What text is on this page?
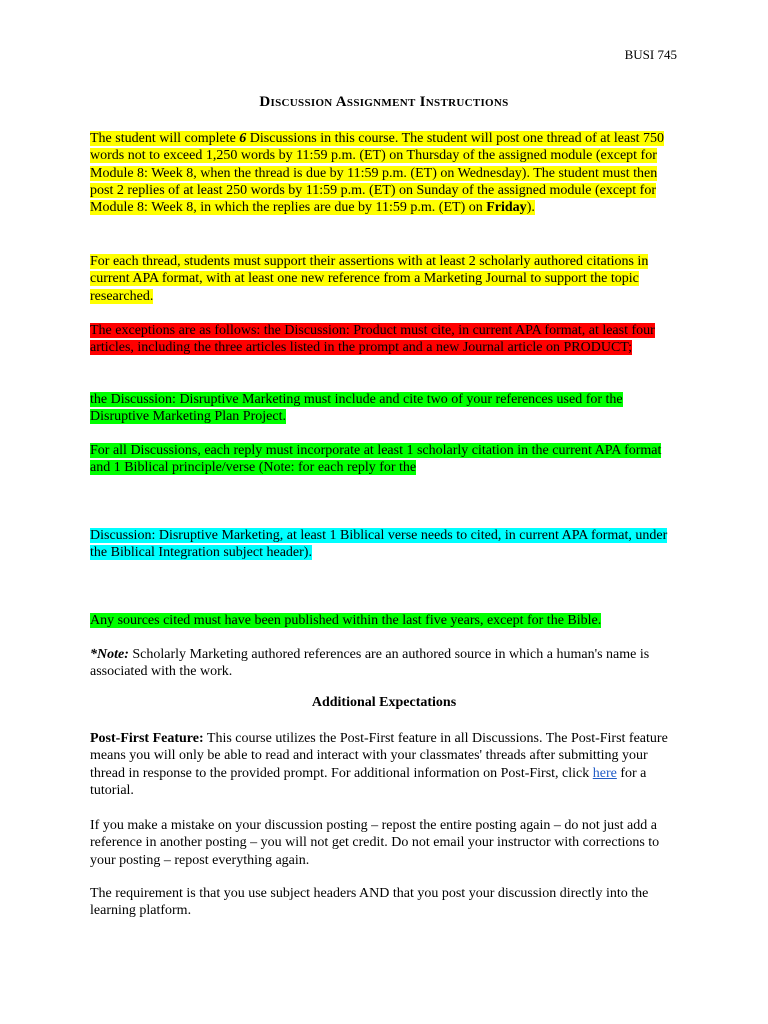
BUSI 745
Discussion Assignment Instructions

The student will complete 6 Discussions in this course. The student will post one thread of at least 750 words not to exceed 1,250 words by 11:59 p.m. (ET) on Thursday of the assigned module (except for Module 8: Week 8, when the thread is due by 11:59 p.m. (ET) on Wednesday). The student must then post 2 replies of at least 250 words by 11:59 p.m. (ET) on Sunday of the assigned module (except for Module 8: Week 8, in which the replies are due by 11:59 p.m. (ET) on Friday).

For each thread, students must support their assertions with at least 2 scholarly authored citations in current APA format, with at least one new reference from a Marketing Journal to support the topic researched.

The exceptions are as follows: the Discussion: Product must cite, in current APA format, at least four articles, including the three articles listed in the prompt and a new Journal article on PRODUCT;

the Discussion: Disruptive Marketing must include and cite two of your references used for the Disruptive Marketing Plan Project.

For all Discussions, each reply must incorporate at least 1 scholarly citation in the current APA format and 1 Biblical principle/verse (Note: for each reply for the

Discussion: Disruptive Marketing, at least 1 Biblical verse needs to cited, in current APA format, under the Biblical Integration subject header).

Any sources cited must have been published within the last five years, except for the Bible.

*Note: Scholarly Marketing authored references are an authored source in which a human's name is associated with the work.

Additional Expectations

Post-First Feature: This course utilizes the Post-First feature in all Discussions. The Post-First feature means you will only be able to read and interact with your classmates' threads after submitting your thread in response to the provided prompt. For additional information on Post-First, click here for a tutorial.

If you make a mistake on your discussion posting – repost the entire posting again – do not just add a reference in another posting – you will not get credit. Do not email your instructor with corrections to your posting – repost everything again.

The requirement is that you use subject headers AND that you post your discussion directly into the learning platform.
